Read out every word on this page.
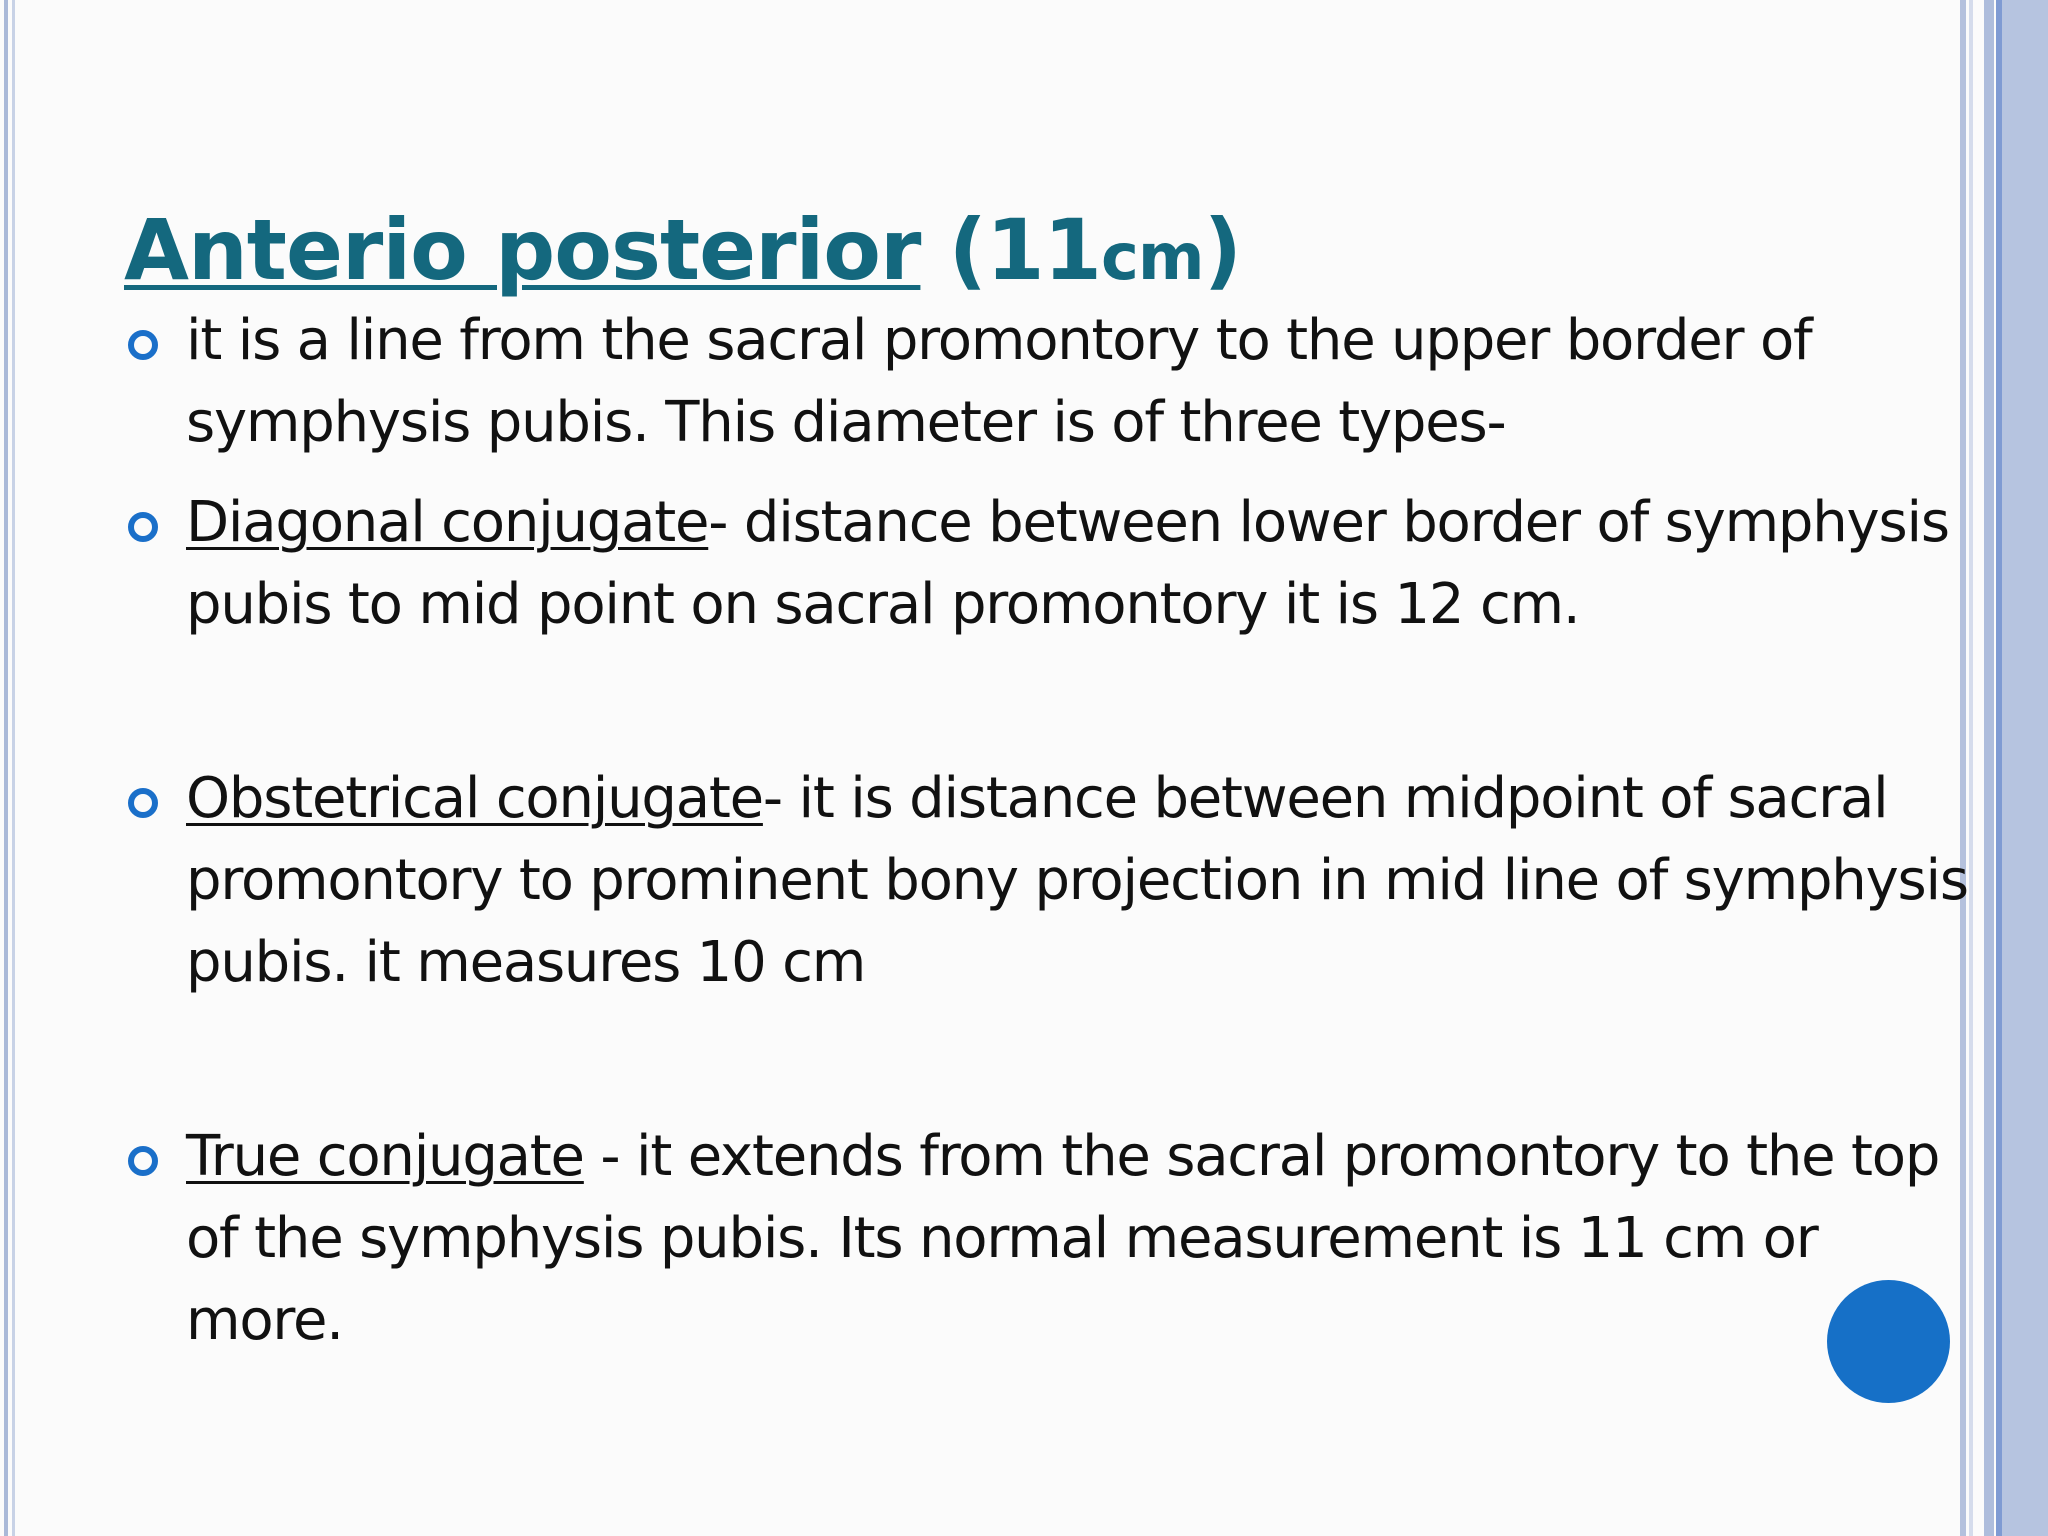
Anterio posterior (11cm)
it is a line from the sacral promontory to the upper border of symphysis pubis. This diameter is of three types-
Diagonal conjugate- distance between lower border of symphysis pubis to mid point on sacral promontory it is 12 cm.
Obstetrical conjugate- it is distance between midpoint of sacral promontory to prominent bony projection in mid line of symphysis pubis. it measures 10 cm
True conjugate - it extends from the sacral promontory to the top of the symphysis pubis. Its normal measurement is 11 cm or more.
